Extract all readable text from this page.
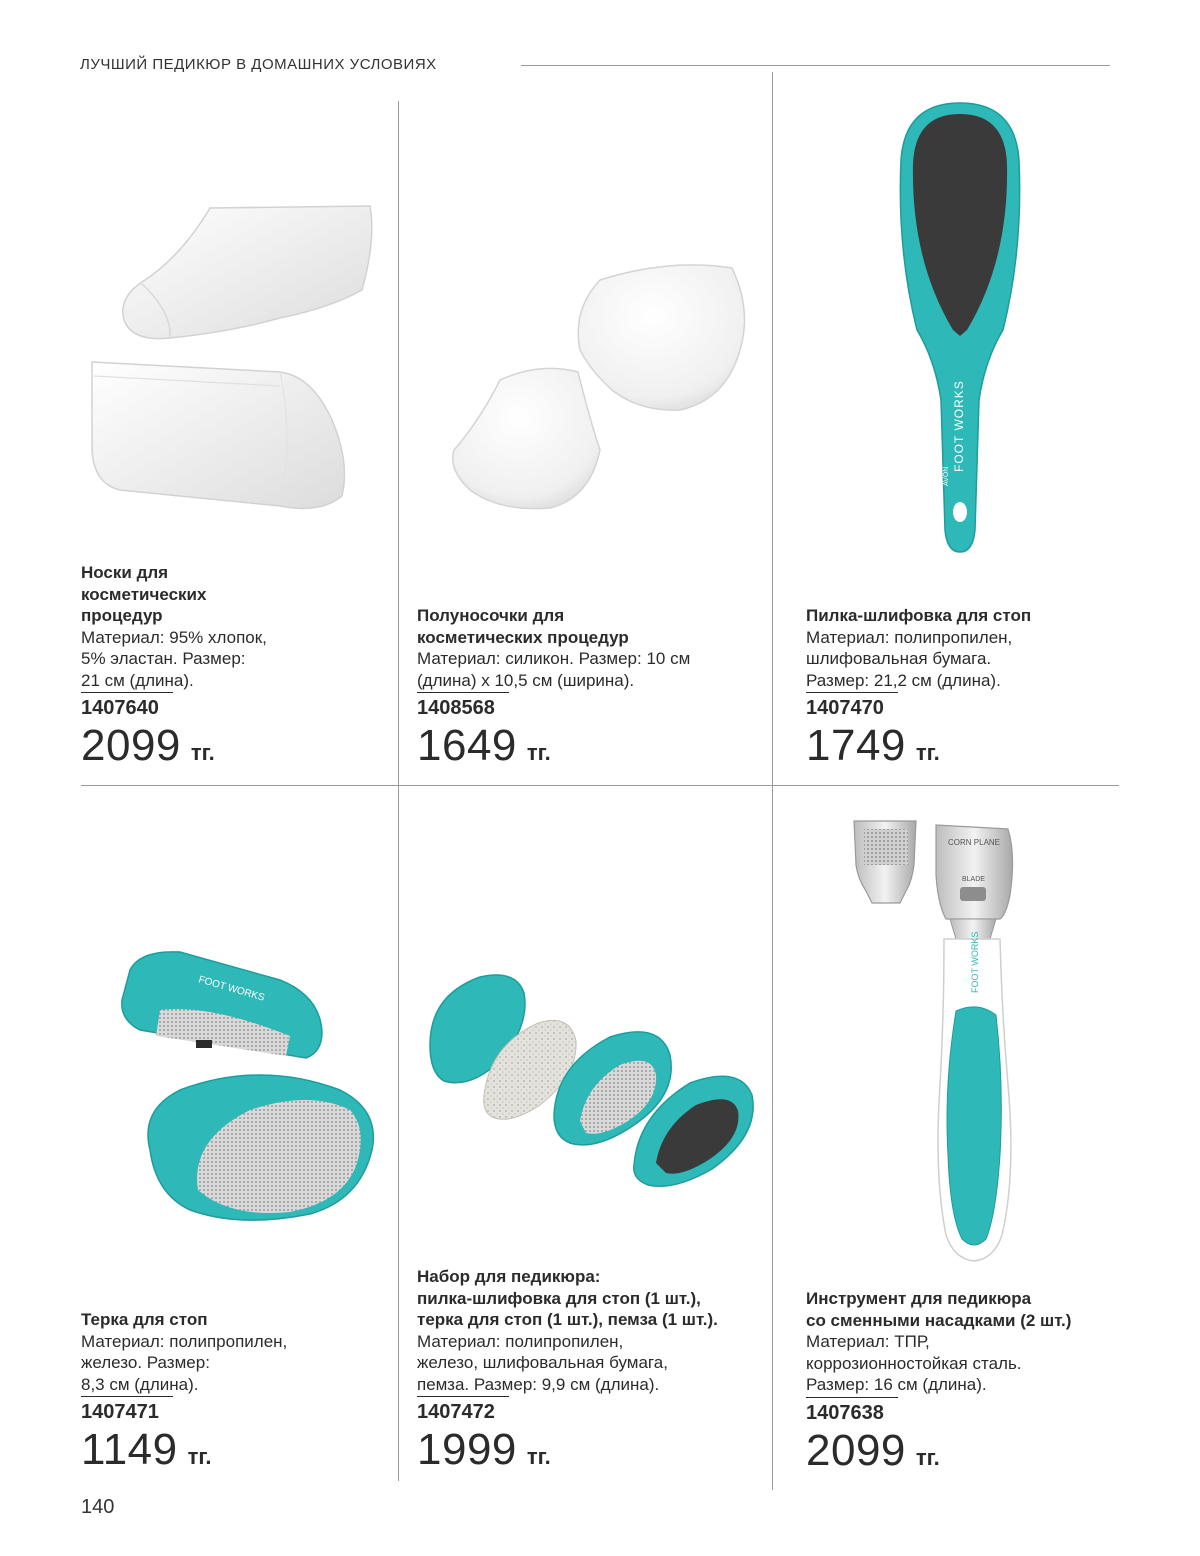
ЛУЧШИЙ ПЕДИКЮР В ДОМАШНИХ УСЛОВИЯХ
FOOT WORKS
AVON
FOOT WORKS
CORN PLANE
BLADE
FOOT WORKS
Носки для
косметических
процедур
Материал: 95% хлопок,
5% эластан. Размер:
21 см (длина).
1407640
2099 тг.
Полуносочки для
косметических процедур
Материал: силикон. Размер: 10 см
(длина) х 10,5 см (ширина).
1408568
1649 тг.
Пилка-шлифовка для стоп
Материал: полипропилен,
шлифовальная бумага.
Размер: 21,2 см (длина).
1407470
1749 тг.
Терка для стоп
Материал: полипропилен,
железо. Размер:
8,3 см (длина).
1407471
1149 тг.
Набор для педикюра:
пилка-шлифовка для стоп (1 шт.),
терка для стоп (1 шт.), пемза (1 шт.).
Материал: полипропилен,
железо, шлифовальная бумага,
пемза. Размер: 9,9 см (длина).
1407472
1999 тг.
Инструмент для педикюра
со сменными насадками (2 шт.)
Материал: ТПР,
коррозионностойкая сталь.
Размер: 16 см (длина).
1407638
2099 тг.
140
